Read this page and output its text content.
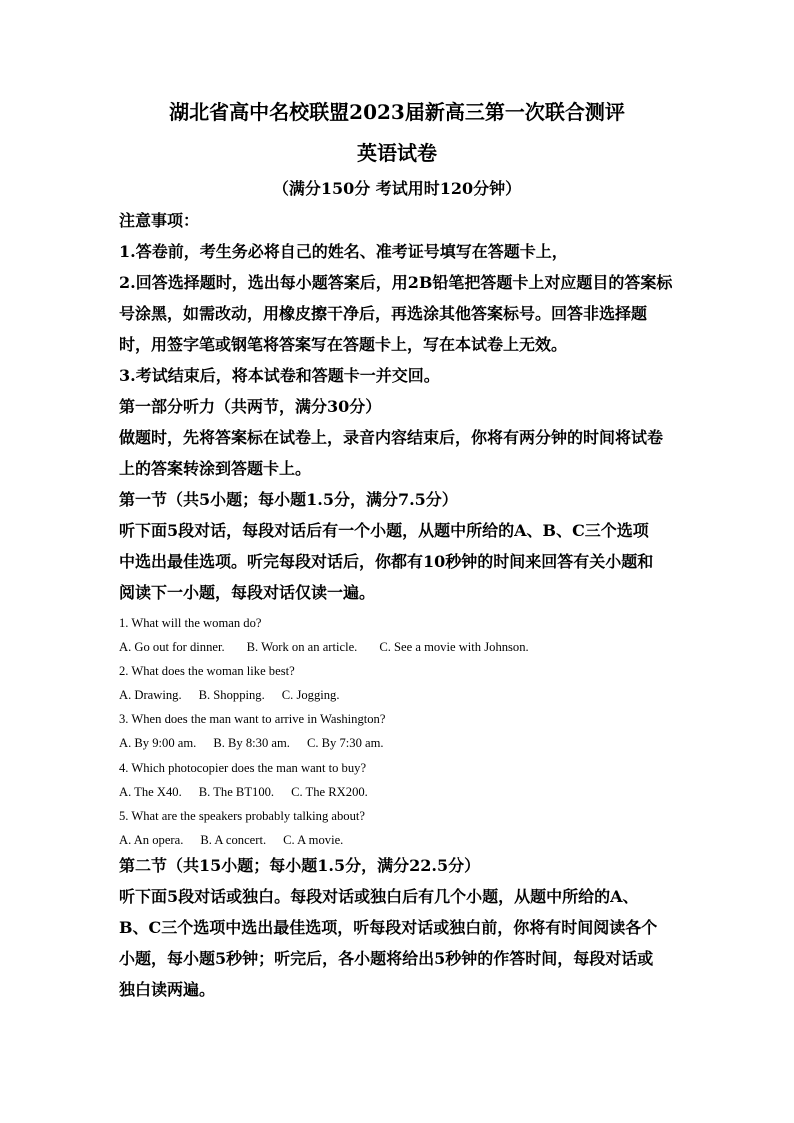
湖北省高中名校联盟2023届新高三第一次联合测评
英语试卷
（满分150分 考试用时120分钟）
注意事项：
1.答卷前，考生务必将自己的姓名、准考证号填写在答题卡上，
2.回答选择题时，选出每小题答案后，用2B铅笔把答题卡上对应题目的答案标
号涂黑，如需改动，用橡皮擦干净后，再选涂其他答案标号。回答非选择题
时，用签字笔或钢笔将答案写在答题卡上，写在本试卷上无效。
3.考试结束后，将本试卷和答题卡一并交回。
第一部分听力（共两节，满分30分）
做题时，先将答案标在试卷上，录音内容结束后，你将有两分钟的时间将试卷
上的答案转涂到答题卡上。
第一节（共5小题；每小题1.5分，满分7.5分）
听下面5段对话，每段对话后有一个小题，从题中所给的A、B、C三个选项
中选出最佳选项。听完每段对话后，你都有10秒钟的时间来回答有关小题和
阅读下一小题，每段对话仅读一遍。
1. What will the woman do?
A. Go out for dinner. B. Work on an article. C. See a movie with Johnson.
2. What does the woman like best?
A. Drawing. B. Shopping. C. Jogging.
3. When does the man want to arrive in Washington?
A. By 9:00 am. B. By 8:30 am. C. By 7:30 am.
4. Which photocopier does the man want to buy?
A. The X40. B. The BT100. C. The RX200.
5. What are the speakers probably talking about?
A. An opera. B. A concert. C. A movie.
第二节（共15小题；每小题1.5分，满分22.5分）
听下面5段对话或独白。每段对话或独白后有几个小题，从题中所给的A、
B、C三个选项中选出最佳选项，听每段对话或独白前，你将有时间阅读各个
小题，每小题5秒钟；听完后，各小题将给出5秒钟的作答时间，每段对话或
独白读两遍。
